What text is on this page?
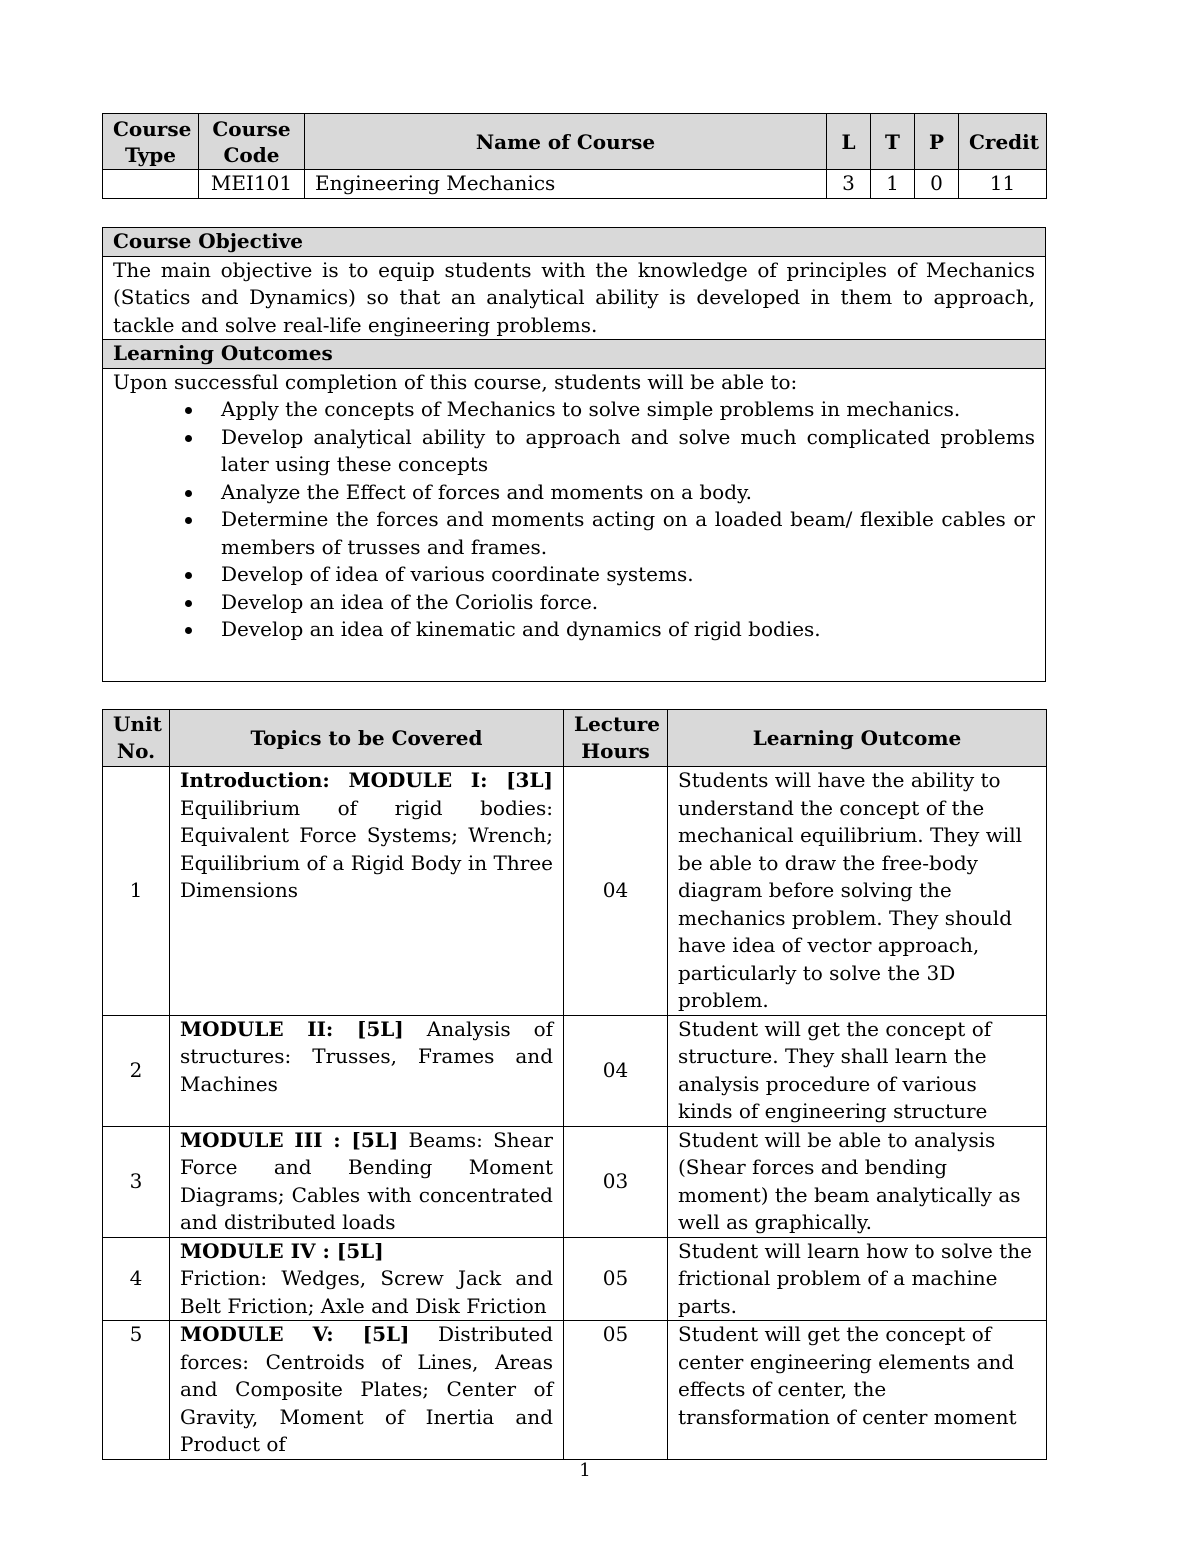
Course Type	Course Code	Name of Course	L	T	P	Credit
	MEI101	Engineering Mechanics	3	1	0	11
Course Objective
The main objective is to equip students with the knowledge of principles of Mechanics (Statics and Dynamics) so that an analytical ability is developed in them to approach, tackle and solve real-life engineering problems.
Learning Outcomes

Upon successful completion of this course, students will be able to:
Apply the concepts of Mechanics to solve simple problems in mechanics.
Develop analytical ability to approach and solve much complicated problems later using these concepts
Analyze the Effect of forces and moments on a body.
Determine the forces and moments acting on a loaded beam/ flexible cables or members of trusses and frames.
Develop of idea of various coordinate systems.
Develop an idea of the Coriolis force.
Develop an idea of kinematic and dynamics of rigid bodies.
Unit No.	Topics to be Covered	Lecture Hours	Learning Outcome
1	Introduction: MODULE I: [3L] Equilibrium of rigid bodies: Equivalent Force Systems; Wrench; Equilibrium of a Rigid Body in Three Dimensions	04	Students will have the ability to understand the concept of the mechanical equilibrium. They will be able to draw the free-body diagram before solving the mechanics problem. They should have idea of vector approach, particularly to solve the 3D problem.
2	MODULE II: [5L] Analysis of structures: Trusses, Frames and Machines	04	Student will get the concept of structure. They shall learn the analysis procedure of various kinds of engineering structure
3	MODULE III : [5L] Beams: Shear Force and Bending Moment Diagrams; Cables with concentrated and distributed loads	03	Student will be able to analysis (Shear forces and bending moment) the beam analytically as well as graphically.
4	MODULE IV : [5L]
Friction: Wedges, Screw Jack and Belt Friction; Axle and Disk Friction	05	Student will learn how to solve the frictional problem of a machine parts.
5	MODULE V: [5L] Distributed forces: Centroids of Lines, Areas and Composite Plates; Center of Gravity, Moment of Inertia and Product of	05	Student will get the concept of center engineering elements and effects of center, the transformation of center moment
1
